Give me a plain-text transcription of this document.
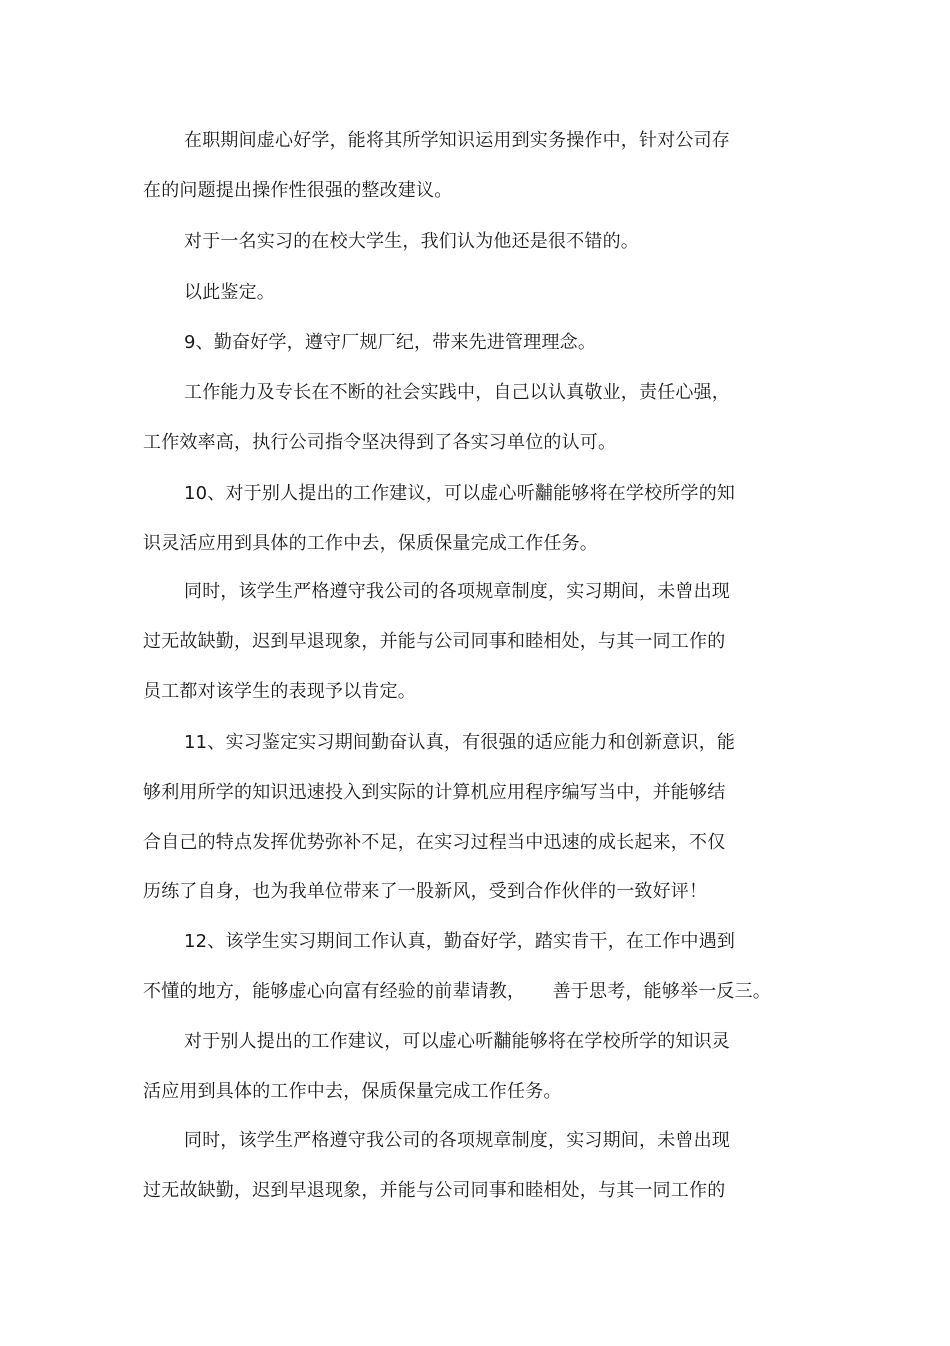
在职期间虚心好学，能将其所学知识运用到实务操作中，针对公司存
在的问题提出操作性很强的整改建议。
对于一名实习的在校大学生，我们认为他还是很不错的。
以此鉴定。
9、勤奋好学，遵守厂规厂纪，带来先进管理理念。
工作能力及专长在不断的社会实践中，自己以认真敬业，责任心强，
工作效率高，执行公司指令坚决得到了各实习单位的认可。
10、对于别人提出的工作建议，可以虚心听黼能够将在学校所学的知
识灵活应用到具体的工作中去，保质保量完成工作任务。
同时，该学生严格遵守我公司的各项规章制度，实习期间，未曾出现
过无故缺勤，迟到早退现象，并能与公司同事和睦相处，与其一同工作的
员工都对该学生的表现予以肯定。
11、实习鉴定实习期间勤奋认真，有很强的适应能力和创新意识，能
够利用所学的知识迅速投入到实际的计算机应用程序编写当中，并能够结
合自己的特点发挥优势弥补不足，在实习过程当中迅速的成长起来，不仅
历练了自身，也为我单位带来了一股新风，受到合作伙伴的一致好评！
12、该学生实习期间工作认真，勤奋好学，踏实肯干，在工作中遇到
不懂的地方，能够虚心向富有经验的前辈请教，　　善于思考，能够举一反三。
对于别人提出的工作建议，可以虚心听黼能够将在学校所学的知识灵
活应用到具体的工作中去，保质保量完成工作任务。
同时，该学生严格遵守我公司的各项规章制度，实习期间，未曾出现
过无故缺勤，迟到早退现象，并能与公司同事和睦相处，与其一同工作的
